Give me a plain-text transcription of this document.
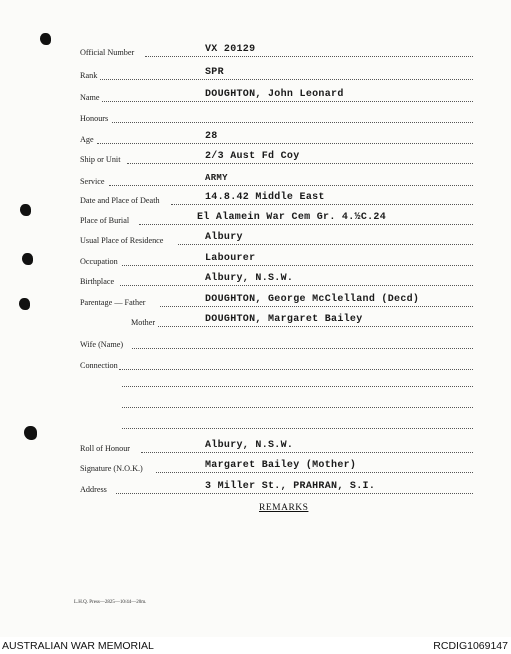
Official Number	VX 20129
Rank	SPR
Name	DOUGHTON, John Leonard
Honours
Age	28
Ship or Unit	2/3 Aust Fd Coy
Service	ARMY
Date and Place of Death	14.8.42 Middle East
Place of Burial	El Alamein War Cem Gr. 4.½C.24
Usual Place of Residence	Albury
Occupation	Labourer
Birthplace	Albury, N.S.W.
Parentage — Father	DOUGHTON, George McClelland (Decd)
Mother	DOUGHTON, Margaret Bailey
Wife (Name)
Connection
Roll of Honour	Albury, N.S.W.
Signature (N.O.K.)	Margaret Bailey (Mother)
Address	3 Miller St., PRAHRAN, S.I.
REMARKS
L.H.Q. Press—2825—10/44—20m.
AUSTRALIAN WAR MEMORIAL	RCDIG1069147
